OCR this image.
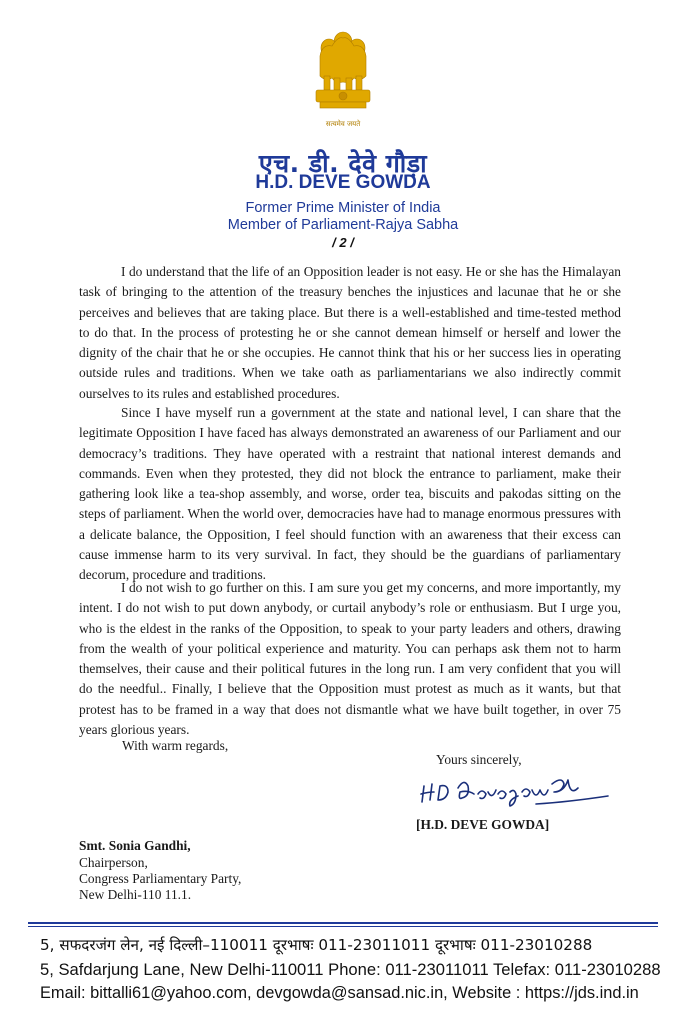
सत्यमेव जयते
एच. डी. देवे गौड़ा
H.D. DEVE GOWDA
Former Prime Minister of India
Member of Parliament-Rajya Sabha
/ 2 /

I do understand that the life of an Opposition leader is not easy. He or she has the Himalayan task of bringing to the attention of the treasury benches the injustices and lacunae that he or she perceives and believes that are taking place. But there is a well-established and time-tested method to do that. In the process of protesting he or she cannot demean himself or herself and lower the dignity of the chair that he or she occupies. He cannot think that his or her success lies in operating outside rules and traditions. When we take oath as parliamentarians we also indirectly commit ourselves to its rules and established procedures.

Since I have myself run a government at the state and national level, I can share that the legitimate Opposition I have faced has always demonstrated an awareness of our Parliament and our democracy’s traditions. They have operated with a restraint that national interest demands and commands. Even when they protested, they did not block the entrance to parliament, make their gathering look like a tea-shop assembly, and worse, order tea, biscuits and pakodas sitting on the steps of parliament. When the world over, democracies have had to manage enormous pressures with a delicate balance, the Opposition, I feel should function with an awareness that their excess can cause immense harm to its very survival. In fact, they should be the guardians of parliamentary decorum, procedure and traditions.

I do not wish to go further on this. I am sure you get my concerns, and more importantly, my intent. I do not wish to put down anybody, or curtail anybody’s role or enthusiasm. But I urge you, who is the eldest in the ranks of the Opposition, to speak to your party leaders and others, drawing from the wealth of your political experience and maturity. You can perhaps ask them not to harm themselves, their cause and their political futures in the long run. I am very confident that you will do the needful.. Finally, I believe that the Opposition must protest as much as it wants, but that protest has to be framed in a way that does not dismantle what we have built together, in over 75 years glorious years.

With warm regards,
Yours sincerely,
[H.D. DEVE GOWDA]
Smt. Sonia Gandhi,
Chairperson,
Congress Parliamentary Party,
New Delhi-110 11.1.
5, सफदरजंग लेन, नई दिल्ली–110011 दूरभाषः 011-23011011 दूरभाषः 011-23010288
5, Safdarjung Lane, New Delhi-110011 Phone: 011-23011011 Telefax: 011-23010288
Email: bittalli61@yahoo.com, devgowda@sansad.nic.in, Website : https://jds.ind.in
